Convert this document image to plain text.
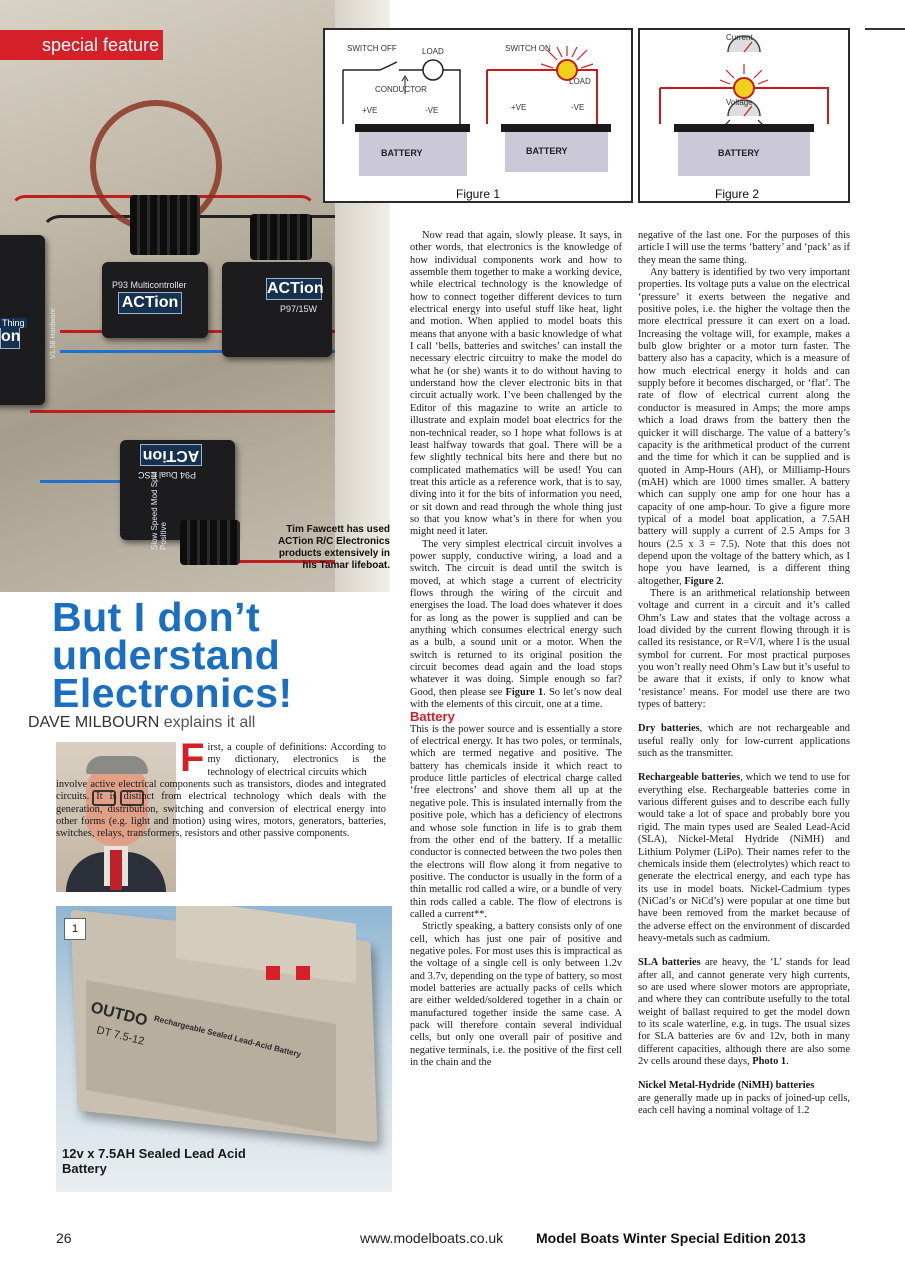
on
Thing	V1.58 Hardware
P93 Multicontroller
ACTion
ACTion
P97/15W
ACTion
P94 Dual ESC
Slow Speed Mod Split Positive
special feature
Tim Fawcett has used ACTion R/C Electronics products extensively in his Tamar lifeboat.
SWITCH OFF	LOAD
CONDUCTOR
+VE	-VE
BATTERY
SWITCH ON
LOAD
+VE	-VE
BATTERY
Figure 1
Current
Voltage
BATTERY
Figure 2
But I don’t understand Electronics!
DAVE MILBOURN explains it all

First, a couple of definitions: According to my dictionary, electronics is the technology of electrical circuits which

involve active electrical components such as transistors, diodes and integrated circuits. It is distinct from electrical technology which deals with the generation, distribution, switching and conversion of electrical energy into other forms (e.g. light and motion) using wires, motors, generators, batteries, switches, relays, transformers, resistors and other passive components.

Now read that again, slowly please. It says, in other words, that electronics is the knowledge of how individual components work and how to assemble them together to make a working device, while electrical technology is the knowledge of how to connect together different devices to turn electrical energy into useful stuff like heat, light and motion. When applied to model boats this means that anyone with a basic knowledge of what I call ‘bells, batteries and switches’ can install the necessary electric circuitry to make the model do what he (or she) wants it to do without having to understand how the clever electronic bits in that circuit actually work. I’ve been challenged by the Editor of this magazine to write an article to illustrate and explain model boat electrics for the non-technical reader, so I hope what follows is at least halfway towards that goal. There will be a few slightly technical bits here and there but no complicated mathematics will be used! You can treat this article as a reference work, that is to say, diving into it for the bits of information you need, or sit down and read through the whole thing just so that you know what’s in there for when you might need it later.

The very simplest electrical circuit involves a power supply, conductive wiring, a load and a switch. The circuit is dead until the switch is moved, at which stage a current of electricity flows through the wiring of the circuit and energises the load. The load does whatever it does for as long as the power is supplied and can be anything which consumes electrical energy such as a bulb, a sound unit or a motor. When the switch is returned to its original position the circuit becomes dead again and the load stops whatever it was doing. Simple enough so far? Good, then please see Figure 1. So let’s now deal with the elements of this circuit, one at a time.

Battery

This is the power source and is essentially a store of electrical energy. It has two poles, or terminals, which are termed negative and positive. The battery has chemicals inside it which react to produce little particles of electrical charge called ‘free electrons’ and shove them all up at the negative pole. This is insulated internally from the positive pole, which has a deficiency of electrons and whose sole function in life is to grab them from the other end of the battery. If a metallic conductor is connected between the two poles then the electrons will flow along it from negative to positive. The conductor is usually in the form of a thin metallic rod called a wire, or a bundle of very thin rods called a cable. The flow of electrons is called a current**.

Strictly speaking, a battery consists only of one cell, which has just one pair of positive and negative poles. For most uses this is impractical as the voltage of a single cell is only between 1.2v and 3.7v, depending on the type of battery, so most model batteries are actually packs of cells which are either welded/soldered together in a chain or manufactured together inside the same case. A pack will therefore contain several individual cells, but only one overall pair of positive and negative terminals, i.e. the positive of the first cell in the chain and the

negative of the last one. For the purposes of this article I will use the terms ‘battery’ and ‘pack’ as if they mean the same thing.

Any battery is identified by two very important properties. Its voltage puts a value on the electrical ‘pressure’ it exerts between the negative and positive poles, i.e. the higher the voltage then the more electrical pressure it can exert on a load. Increasing the voltage will, for example, makes a bulb glow brighter or a motor turn faster. The battery also has a capacity, which is a measure of how much electrical energy it holds and can supply before it becomes discharged, or ‘flat’. The rate of flow of electrical current along the conductor is measured in Amps; the more amps which a load draws from the battery then the quicker it will discharge. The value of a battery’s capacity is the arithmetical product of the current and the time for which it can be supplied and is quoted in Amp-Hours (AH), or Milliamp-Hours (mAH) which are 1000 times smaller. A battery which can supply one amp for one hour has a capacity of one amp-hour. To give a figure more typical of a model boat application, a 7.5AH battery will supply a current of 2.5 Amps for 3 hours (2.5 x 3 = 7.5). Note that this does not depend upon the voltage of the battery which, as I hope you have learned, is a different thing altogether, Figure 2.

There is an arithmetical relationship between voltage and current in a circuit and it’s called Ohm’s Law and states that the voltage across a load divided by the current flowing through it is called its resistance, or R=V/I, where I is the usual symbol for current. For most practical purposes you won’t really need Ohm’s Law but it’s useful to be aware that it exists, if only to know what ‘resistance’ means. For model use there are two types of battery:

Dry batteries, which are not rechargeable and useful really only for low-current applications such as the transmitter.

Rechargeable batteries, which we tend to use for everything else. Rechargeable batteries come in various different guises and to describe each fully would take a lot of space and probably bore you rigid. The main types used are Sealed Lead-Acid (SLA), Nickel-Metal Hydride (NiMH) and Lithium Polymer (LiPo). Their names refer to the chemicals inside them (electrolytes) which react to generate the electrical energy, and each type has its use in model boats. Nickel-Cadmium types (NiCad’s or NiCd’s) were popular at one time but have been removed from the market because of the adverse effect on the environment of discarded heavy-metals such as cadmium.

SLA batteries are heavy, the ‘L’ stands for lead after all, and cannot generate very high currents, so are used where slower motors are appropriate, and where they can contribute usefully to the total weight of ballast required to get the model down to its scale waterline, e.g. in tugs. The usual sizes for SLA batteries are 6v and 12v, both in many different capacities, although there are also some 2v cells around these days, Photo 1.

Nickel Metal-Hydride (NiMH) batteries
are generally made up in packs of joined-up cells, each cell having a nominal voltage of 1.2

OUTDO
DT 7.5-12 Rechargeable Sealed Lead-Acid Battery
1
12v x 7.5AH Sealed Lead Acid Battery
26	www.modelboats.co.uk Model Boats Winter Special Edition 2013
